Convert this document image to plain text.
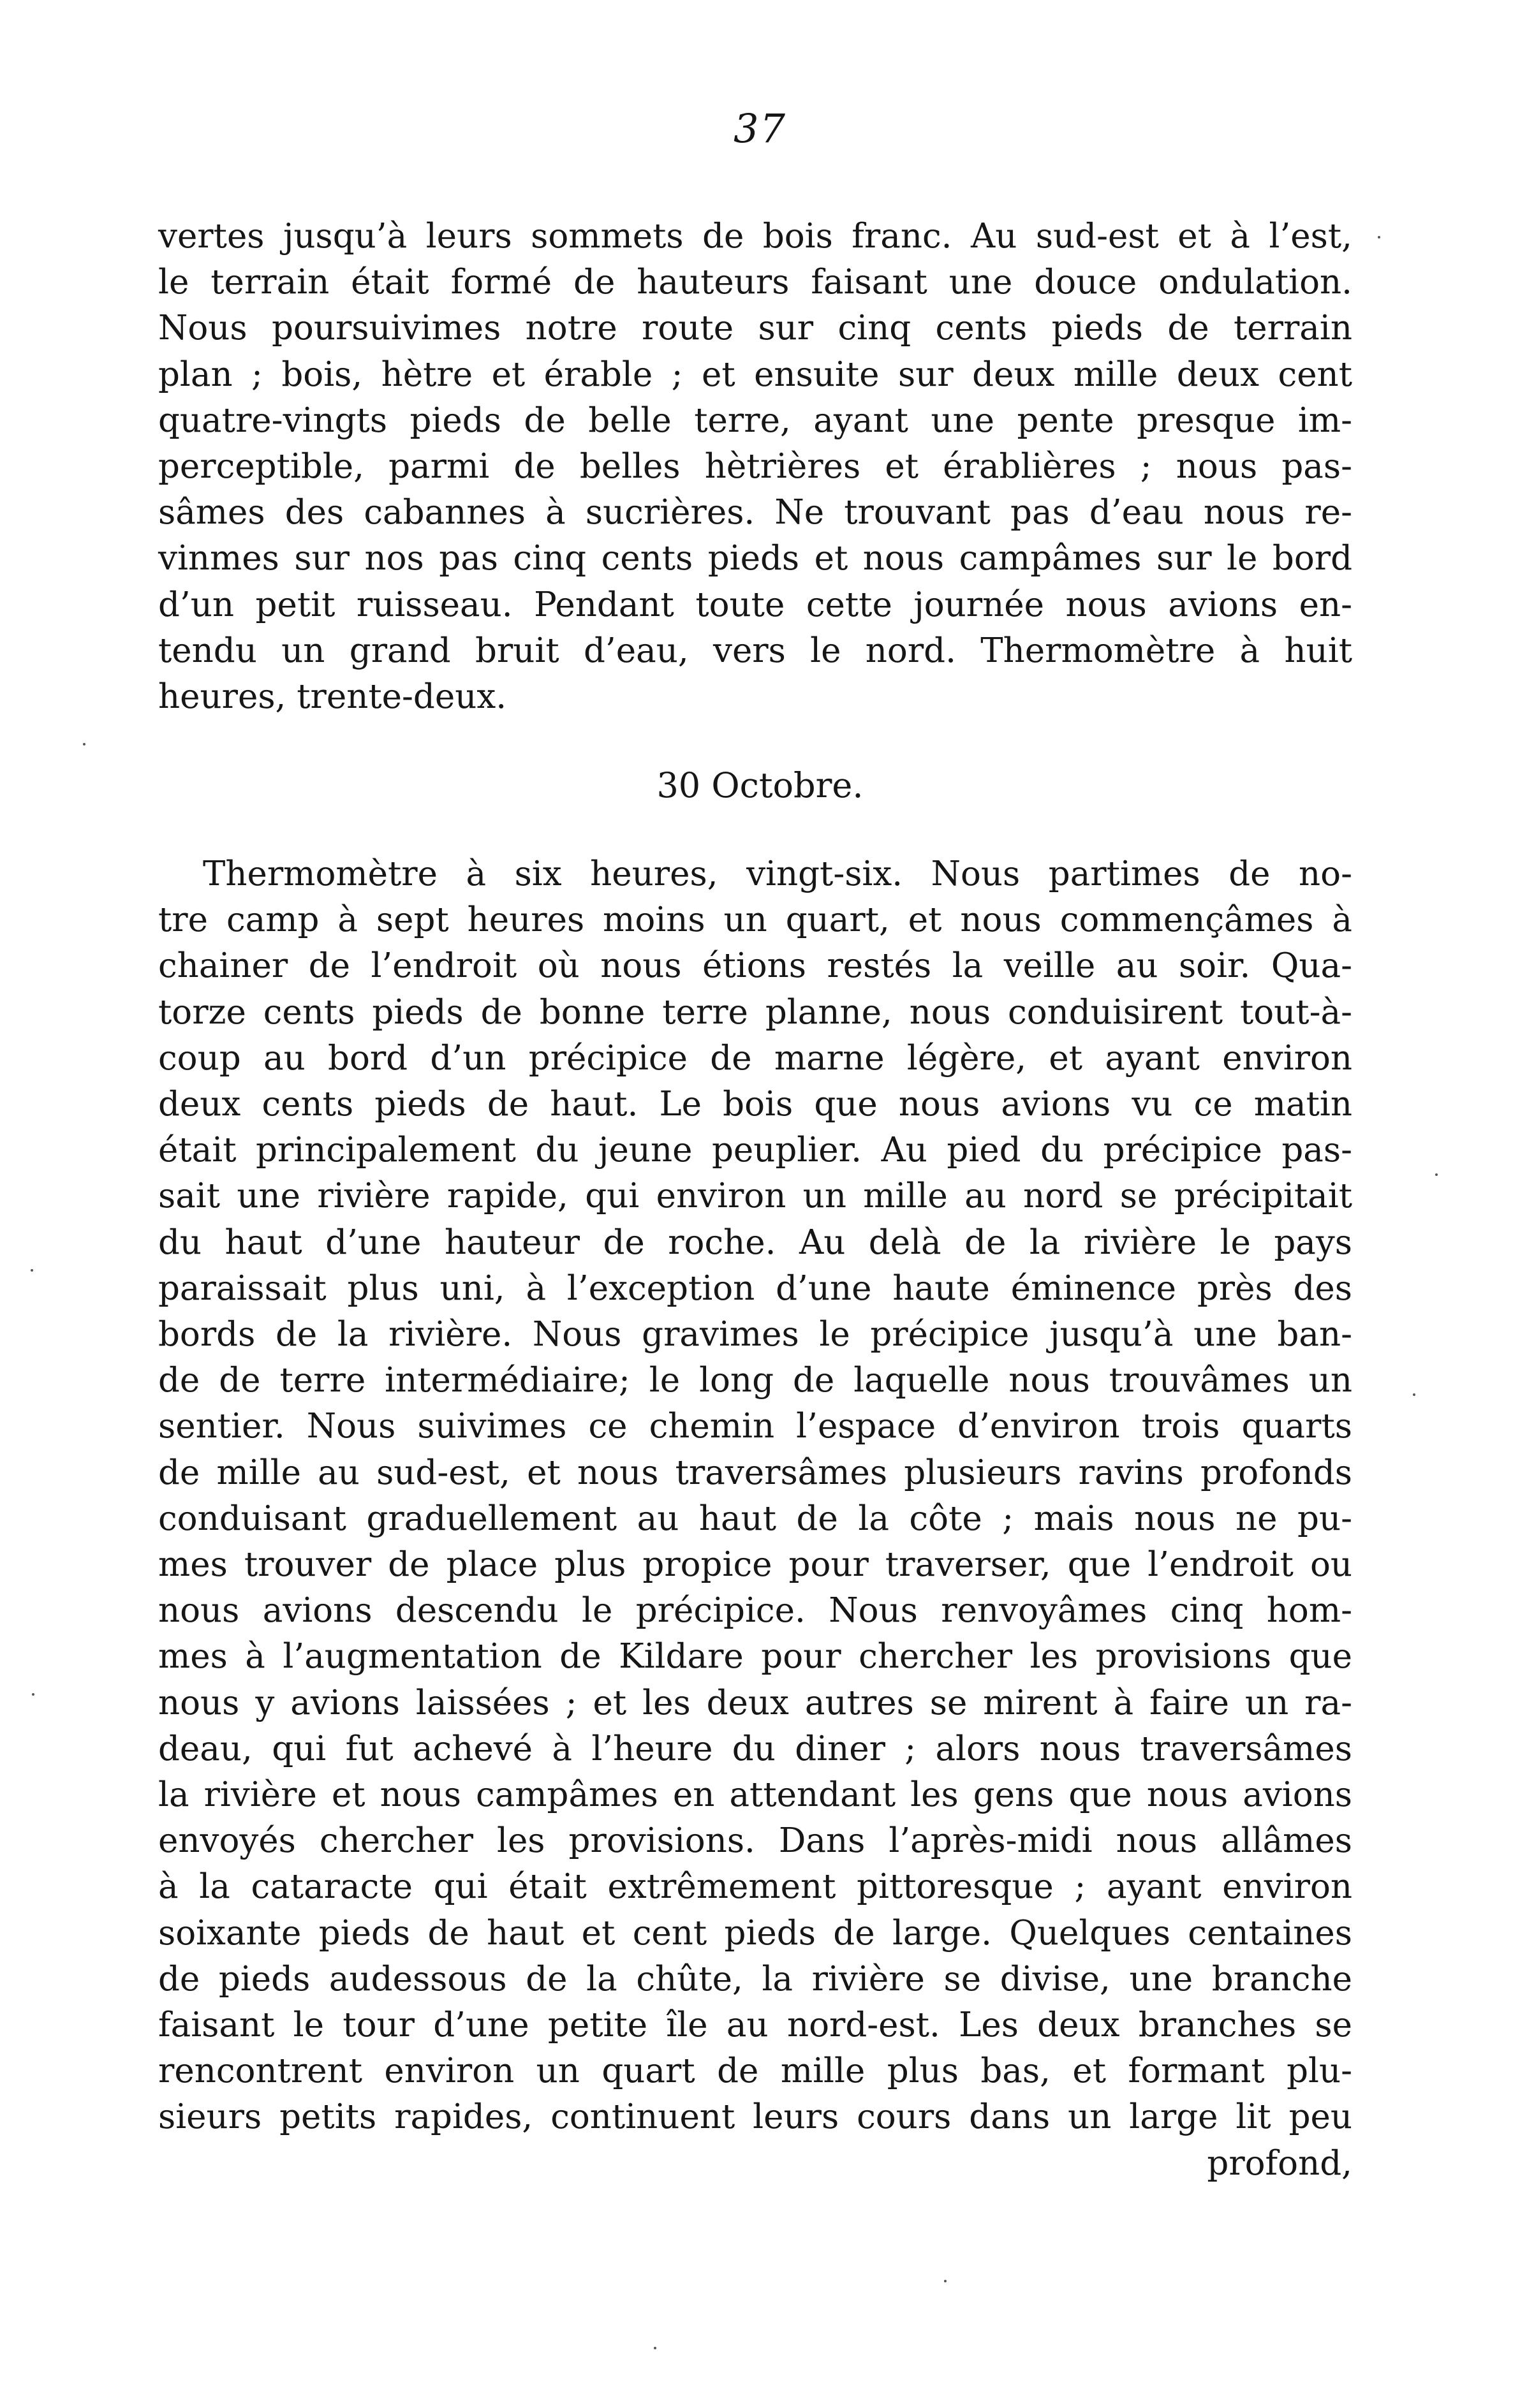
37
vertes jusqu’à leurs sommets de bois franc. Au sud-est et à l’est,
le terrain était formé de hauteurs faisant une douce ondulation.
Nous poursuivimes notre route sur cinq cents pieds de terrain
plan ; bois, hètre et érable ; et ensuite sur deux mille deux cent
quatre-vingts pieds de belle terre, ayant une pente presque im-
perceptible, parmi de belles hètrières et érablières ; nous pas-
sâmes des cabannes à sucrières. Ne trouvant pas d’eau nous re-
vinmes sur nos pas cinq cents pieds et nous campâmes sur le bord
d’un petit ruisseau. Pendant toute cette journée nous avions en-
tendu un grand bruit d’eau, vers le nord. Thermomètre à huit
heures, trente-deux.
30 Octobre.
Thermomètre à six heures, vingt-six. Nous partimes de no-
tre camp à sept heures moins un quart, et nous commençâmes à
chainer de l’endroit où nous étions restés la veille au soir. Qua-
torze cents pieds de bonne terre planne, nous conduisirent tout-à-
coup au bord d’un précipice de marne légère, et ayant environ
deux cents pieds de haut. Le bois que nous avions vu ce matin
était principalement du jeune peuplier. Au pied du précipice pas-
sait une rivière rapide, qui environ un mille au nord se précipitait
du haut d’une hauteur de roche. Au delà de la rivière le pays
paraissait plus uni, à l’exception d’une haute éminence près des
bords de la rivière. Nous gravimes le précipice jusqu’à une ban-
de de terre intermédiaire; le long de laquelle nous trouvâmes un
sentier. Nous suivimes ce chemin l’espace d’environ trois quarts
de mille au sud-est, et nous traversâmes plusieurs ravins profonds
conduisant graduellement au haut de la côte ; mais nous ne pu-
mes trouver de place plus propice pour traverser, que l’endroit ou
nous avions descendu le précipice. Nous renvoyâmes cinq hom-
mes à l’augmentation de Kildare pour chercher les provisions que
nous y avions laissées ; et les deux autres se mirent à faire un ra-
deau, qui fut achevé à l’heure du diner ; alors nous traversâmes
la rivière et nous campâmes en attendant les gens que nous avions
envoyés chercher les provisions. Dans l’après-midi nous allâmes
à la cataracte qui était extrêmement pittoresque ; ayant environ
soixante pieds de haut et cent pieds de large. Quelques centaines
de pieds audessous de la chûte, la rivière se divise, une branche
faisant le tour d’une petite île au nord-est. Les deux branches se
rencontrent environ un quart de mille plus bas, et formant plu-
sieurs petits rapides, continuent leurs cours dans un large lit peu
profond,
